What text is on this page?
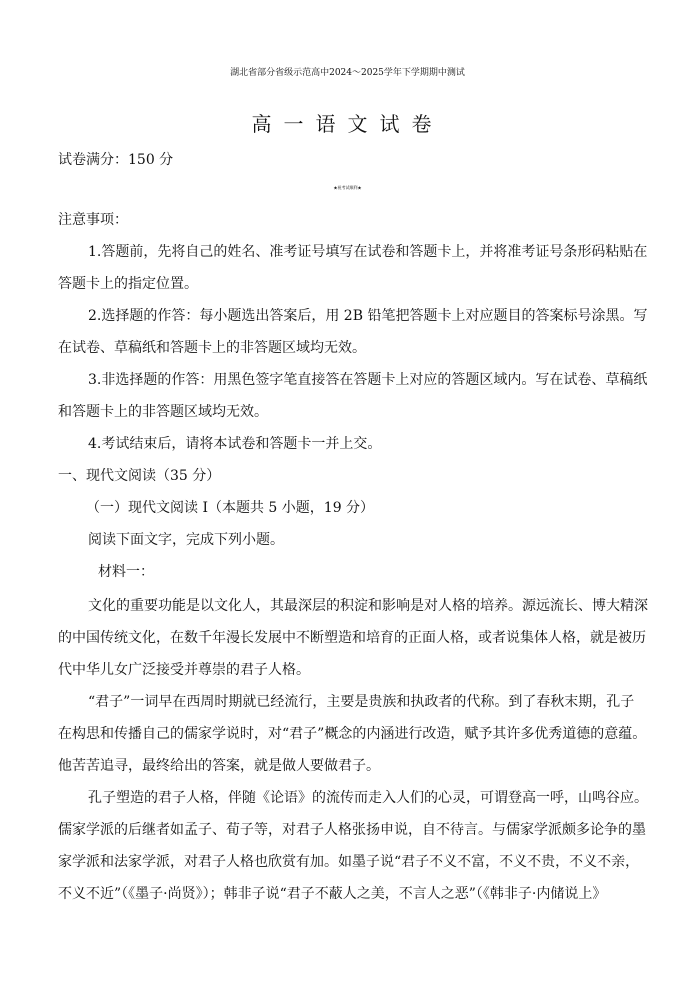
湖北省部分省级示范高中2024～2025学年下学期期中测试
高一语文试卷
试卷满分：150 分
★祝考试顺利★
注意事项：
1.答题前，先将自己的姓名、准考证号填写在试卷和答题卡上，并将准考证号条形码粘贴在
答题卡上的指定位置。
2.选择题的作答：每小题选出答案后，用 2B 铅笔把答题卡上对应题目的答案标号涂黑。写
在试卷、草稿纸和答题卡上的非答题区域均无效。
3.非选择题的作答：用黑色签字笔直接答在答题卡上对应的答题区域内。写在试卷、草稿纸
和答题卡上的非答题区域均无效。
4.考试结束后，请将本试卷和答题卡一并上交。
一、现代文阅读（35 分）
（一）现代文阅读 Ⅰ（本题共 5 小题，19 分）
阅读下面文字，完成下列小题。
材料一：
文化的重要功能是以文化人，其最深层的积淀和影响是对人格的培养。源远流长、博大精深
的中国传统文化，在数千年漫长发展中不断塑造和培育的正面人格，或者说集体人格，就是被历
代中华儿女广泛接受并尊崇的君子人格。
“君子”一词早在西周时期就已经流行，主要是贵族和执政者的代称。到了春秋末期，孔子
在构思和传播自己的儒家学说时，对“君子”概念的内涵进行改造，赋予其许多优秀道德的意蕴。
他苦苦追寻，最终给出的答案，就是做人要做君子。
孔子塑造的君子人格，伴随《论语》的流传而走入人们的心灵，可谓登高一呼，山鸣谷应。
儒家学派的后继者如孟子、荀子等，对君子人格张扬申说，自不待言。与儒家学派颇多论争的墨
家学派和法家学派，对君子人格也欣赏有加。如墨子说“君子不义不富，不义不贵，不义不亲，
不义不近”（《墨子·尚贤》）；韩非子说“君子不蔽人之美，不言人之恶”（《韩非子·内储说上》
